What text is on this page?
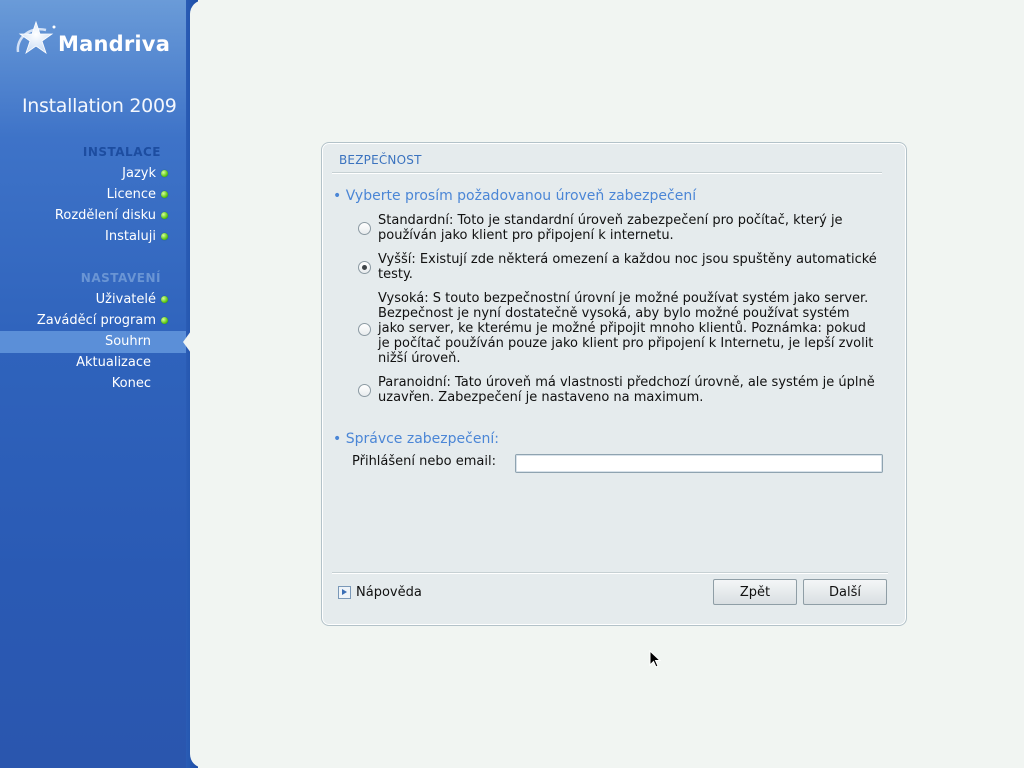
Mandriva
Installation 2009
INSTALACE
Jazyk
Licence
Rozdělení disku
Instaluji
NASTAVENÍ
Uživatelé
Zaváděcí program
Souhrn
Aktualizace
Konec
BEZPEČNOST
• Vyberte prosím požadovanou úroveň zabezpečení
Standardní: Toto je standardní úroveň zabezpečení pro počítač, který je používán jako klient pro připojení k internetu.
Vyšší: Existují zde některá omezení a každou noc jsou spuštěny automatické testy.
Vysoká: S touto bezpečnostní úrovní je možné používat systém jako server. Bezpečnost je nyní dostatečně vysoká, aby bylo možné používat systém jako server, ke kterému je možné připojit mnoho klientů. Poznámka: pokud je počítač používán pouze jako klient pro připojení k Internetu, je lepší zvolit nižší úroveň.
Paranoidní: Tato úroveň má vlastnosti předchozí úrovně, ale systém je úplně uzavřen. Zabezpečení je nastaveno na maximum.
• Správce zabezpečení:
Přihlášení nebo email:
Nápověda	Zpět	Další
